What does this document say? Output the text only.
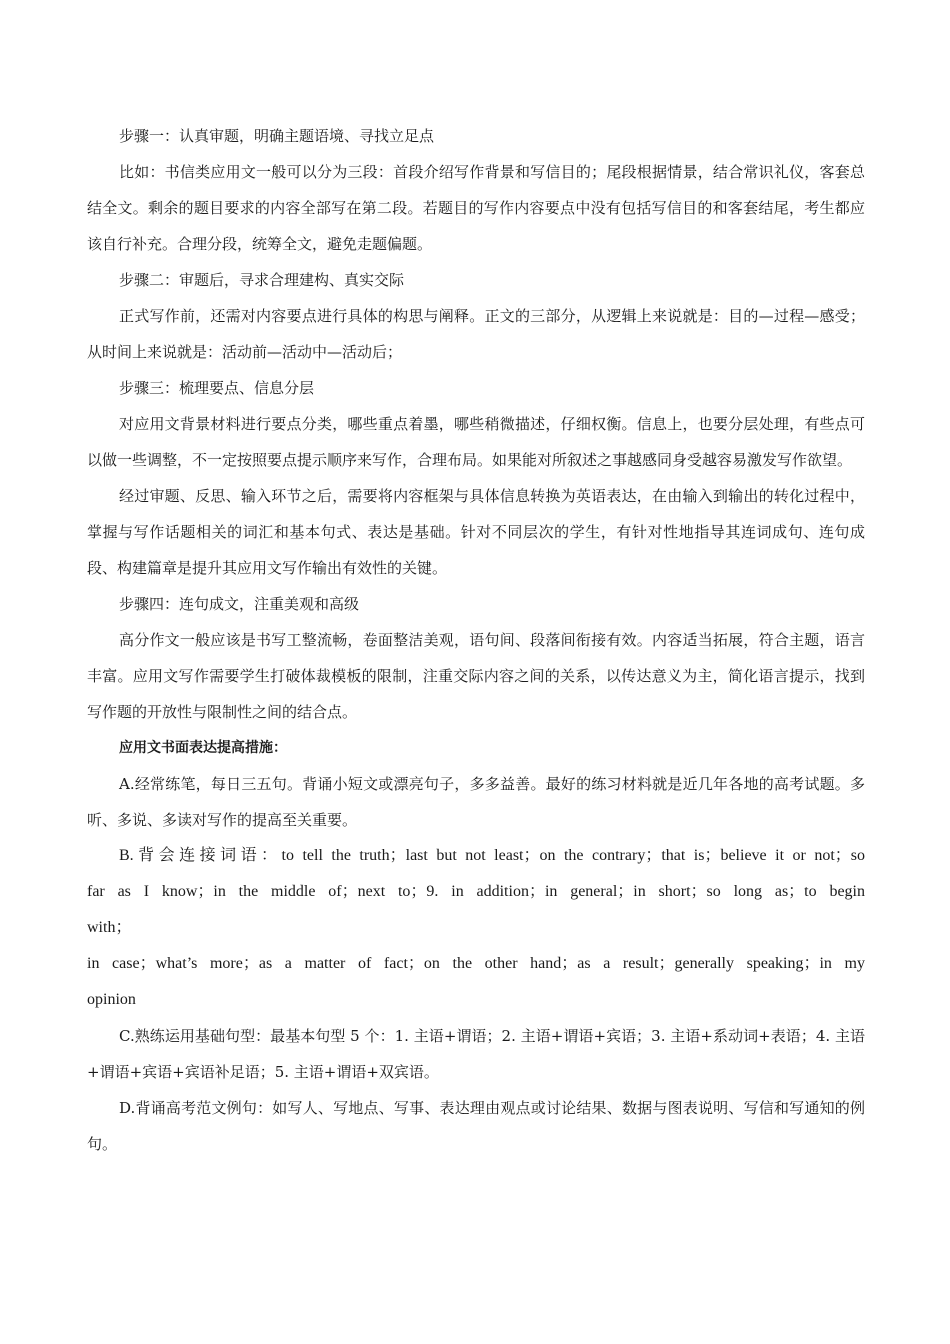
步骤一：认真审题，明确主题语境、寻找立足点

比如：书信类应用文一般可以分为三段：首段介绍写作背景和写信目的；尾段根据情景，结合常识礼仪，客套总结全文。剩余的题目要求的内容全部写在第二段。若题目的写作内容要点中没有包括写信目的和客套结尾，考生都应该自行补充。合理分段，统筹全文，避免走题偏题。

步骤二：审题后，寻求合理建构、真实交际

正式写作前，还需对内容要点进行具体的构思与阐释。正文的三部分，从逻辑上来说就是：目的—过程—感受；从时间上来说就是：活动前—活动中—活动后；

步骤三：梳理要点、信息分层

对应用文背景材料进行要点分类，哪些重点着墨，哪些稍微描述，仔细权衡。信息上，也要分层处理，有些点可以做一些调整，不一定按照要点提示顺序来写作，合理布局。如果能对所叙述之事越感同身受越容易激发写作欲望。

经过审题、反思、输入环节之后，需要将内容框架与具体信息转换为英语表达，在由输入到输出的转化过程中，掌握与写作话题相关的词汇和基本句式、表达是基础。针对不同层次的学生，有针对性地指导其连词成句、连句成段、构建篇章是提升其应用文写作输出有效性的关键。

步骤四：连句成文，注重美观和高级

高分作文一般应该是书写工整流畅，卷面整洁美观，语句间、段落间衔接有效。内容适当拓展，符合主题，语言丰富。应用文写作需要学生打破体裁模板的限制，注重交际内容之间的关系，以传达意义为主，简化语言提示，找到写作题的开放性与限制性之间的结合点。

应用文书面表达提高措施：

A.经常练笔，每日三五句。背诵小短文或漂亮句子，多多益善。最好的练习材料就是近几年各地的高考试题。多听、多说、多读对写作的提高至关重要。

B.背会连接词语：to tell the truth；last but not least；on the contrary；that is；believe it or not；so

far as I know；in the middle of；next to；9. in addition；in general；in short；so long as；to begin

with；

in case；what’s more；as a matter of fact；on the other hand；as a result；generally speaking；in my

opinion

C.熟练运用基础句型：最基本句型 5 个：1. 主语+谓语；2. 主语+谓语+宾语；3. 主语+系动词+表语；4. 主语+谓语+宾语+宾语补足语；5. 主语+谓语+双宾语。

D.背诵高考范文例句：如写人、写地点、写事、表达理由观点或讨论结果、数据与图表说明、写信和写通知的例句。
